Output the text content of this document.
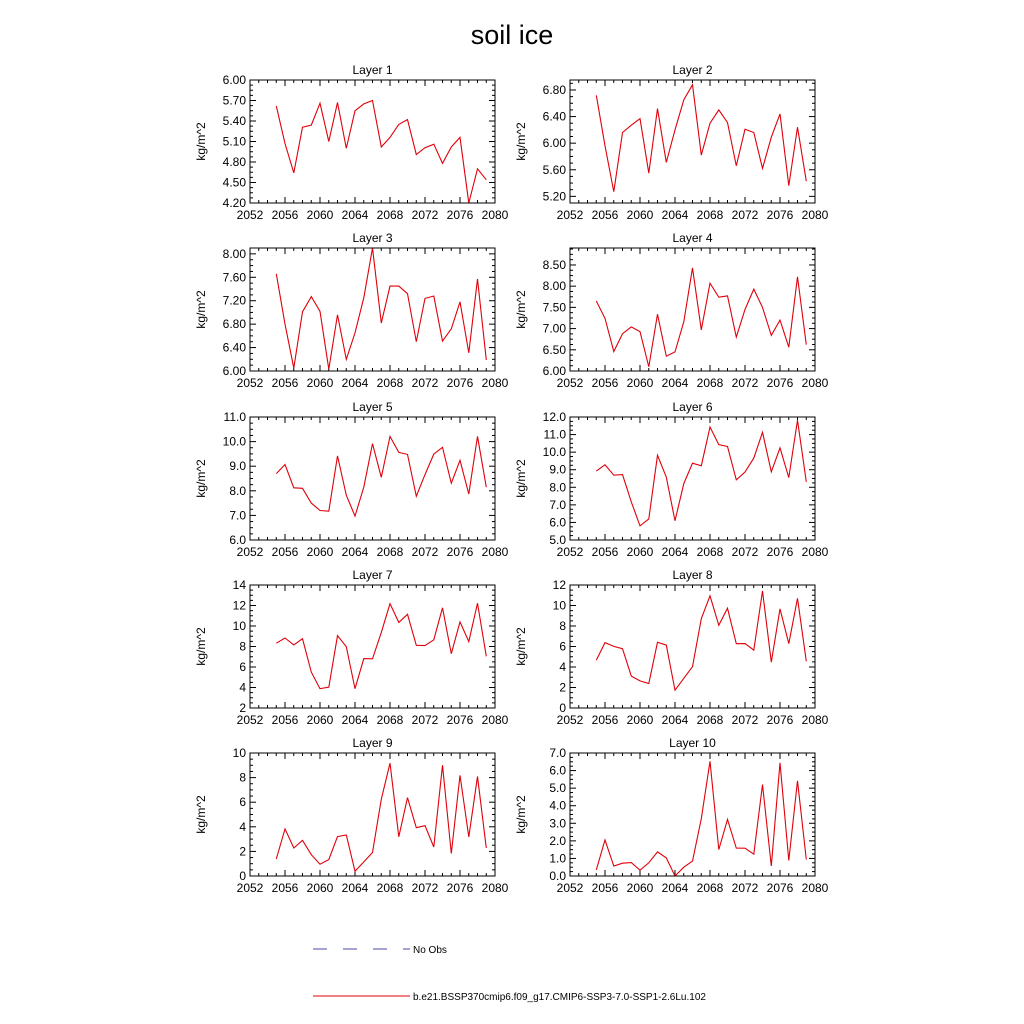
soil ice
Layer 1
kg/m^2
2052 2056 2060 2064 2068 2072 2076 2080
4.20
4.50
4.80
5.10
5.40
5.70
6.00
Layer 2
kg/m^2
2052 2056 2060 2064 2068 2072 2076 2080
5.20
5.60
6.00
6.40
6.80
Layer 3
kg/m^2
2052 2056 2060 2064 2068 2072 2076 2080
6.00
6.40
6.80
7.20
7.60
8.00
Layer 4
kg/m^2
2052 2056 2060 2064 2068 2072 2076 2080
6.00
6.50
7.00
7.50
8.00
8.50
Layer 5
kg/m^2
2052 2056 2060 2064 2068 2072 2076 2080
6.0
7.0
8.0
9.0
10.0
11.0
Layer 6
kg/m^2
2052 2056 2060 2064 2068 2072 2076 2080
5.0
6.0
7.0
8.0
9.0
10.0
11.0
12.0
Layer 7
kg/m^2
2052 2056 2060 2064 2068 2072 2076 2080
2
4
6
8
10
12
14
Layer 8
kg/m^2
2052 2056 2060 2064 2068 2072 2076 2080
0
2
4
6
8
10
12
Layer 9
kg/m^2
2052 2056 2060 2064 2068 2072 2076 2080
0
2
4
6
8
10
Layer 10
kg/m^2
2052 2056 2060 2064 2068 2072 2076 2080
0.0
1.0
2.0
3.0
4.0
5.0
6.0
7.0
No Obs
b.e21.BSSP370cmip6.f09_g17.CMIP6-SSP3-7.0-SSP1-2.6Lu.102
